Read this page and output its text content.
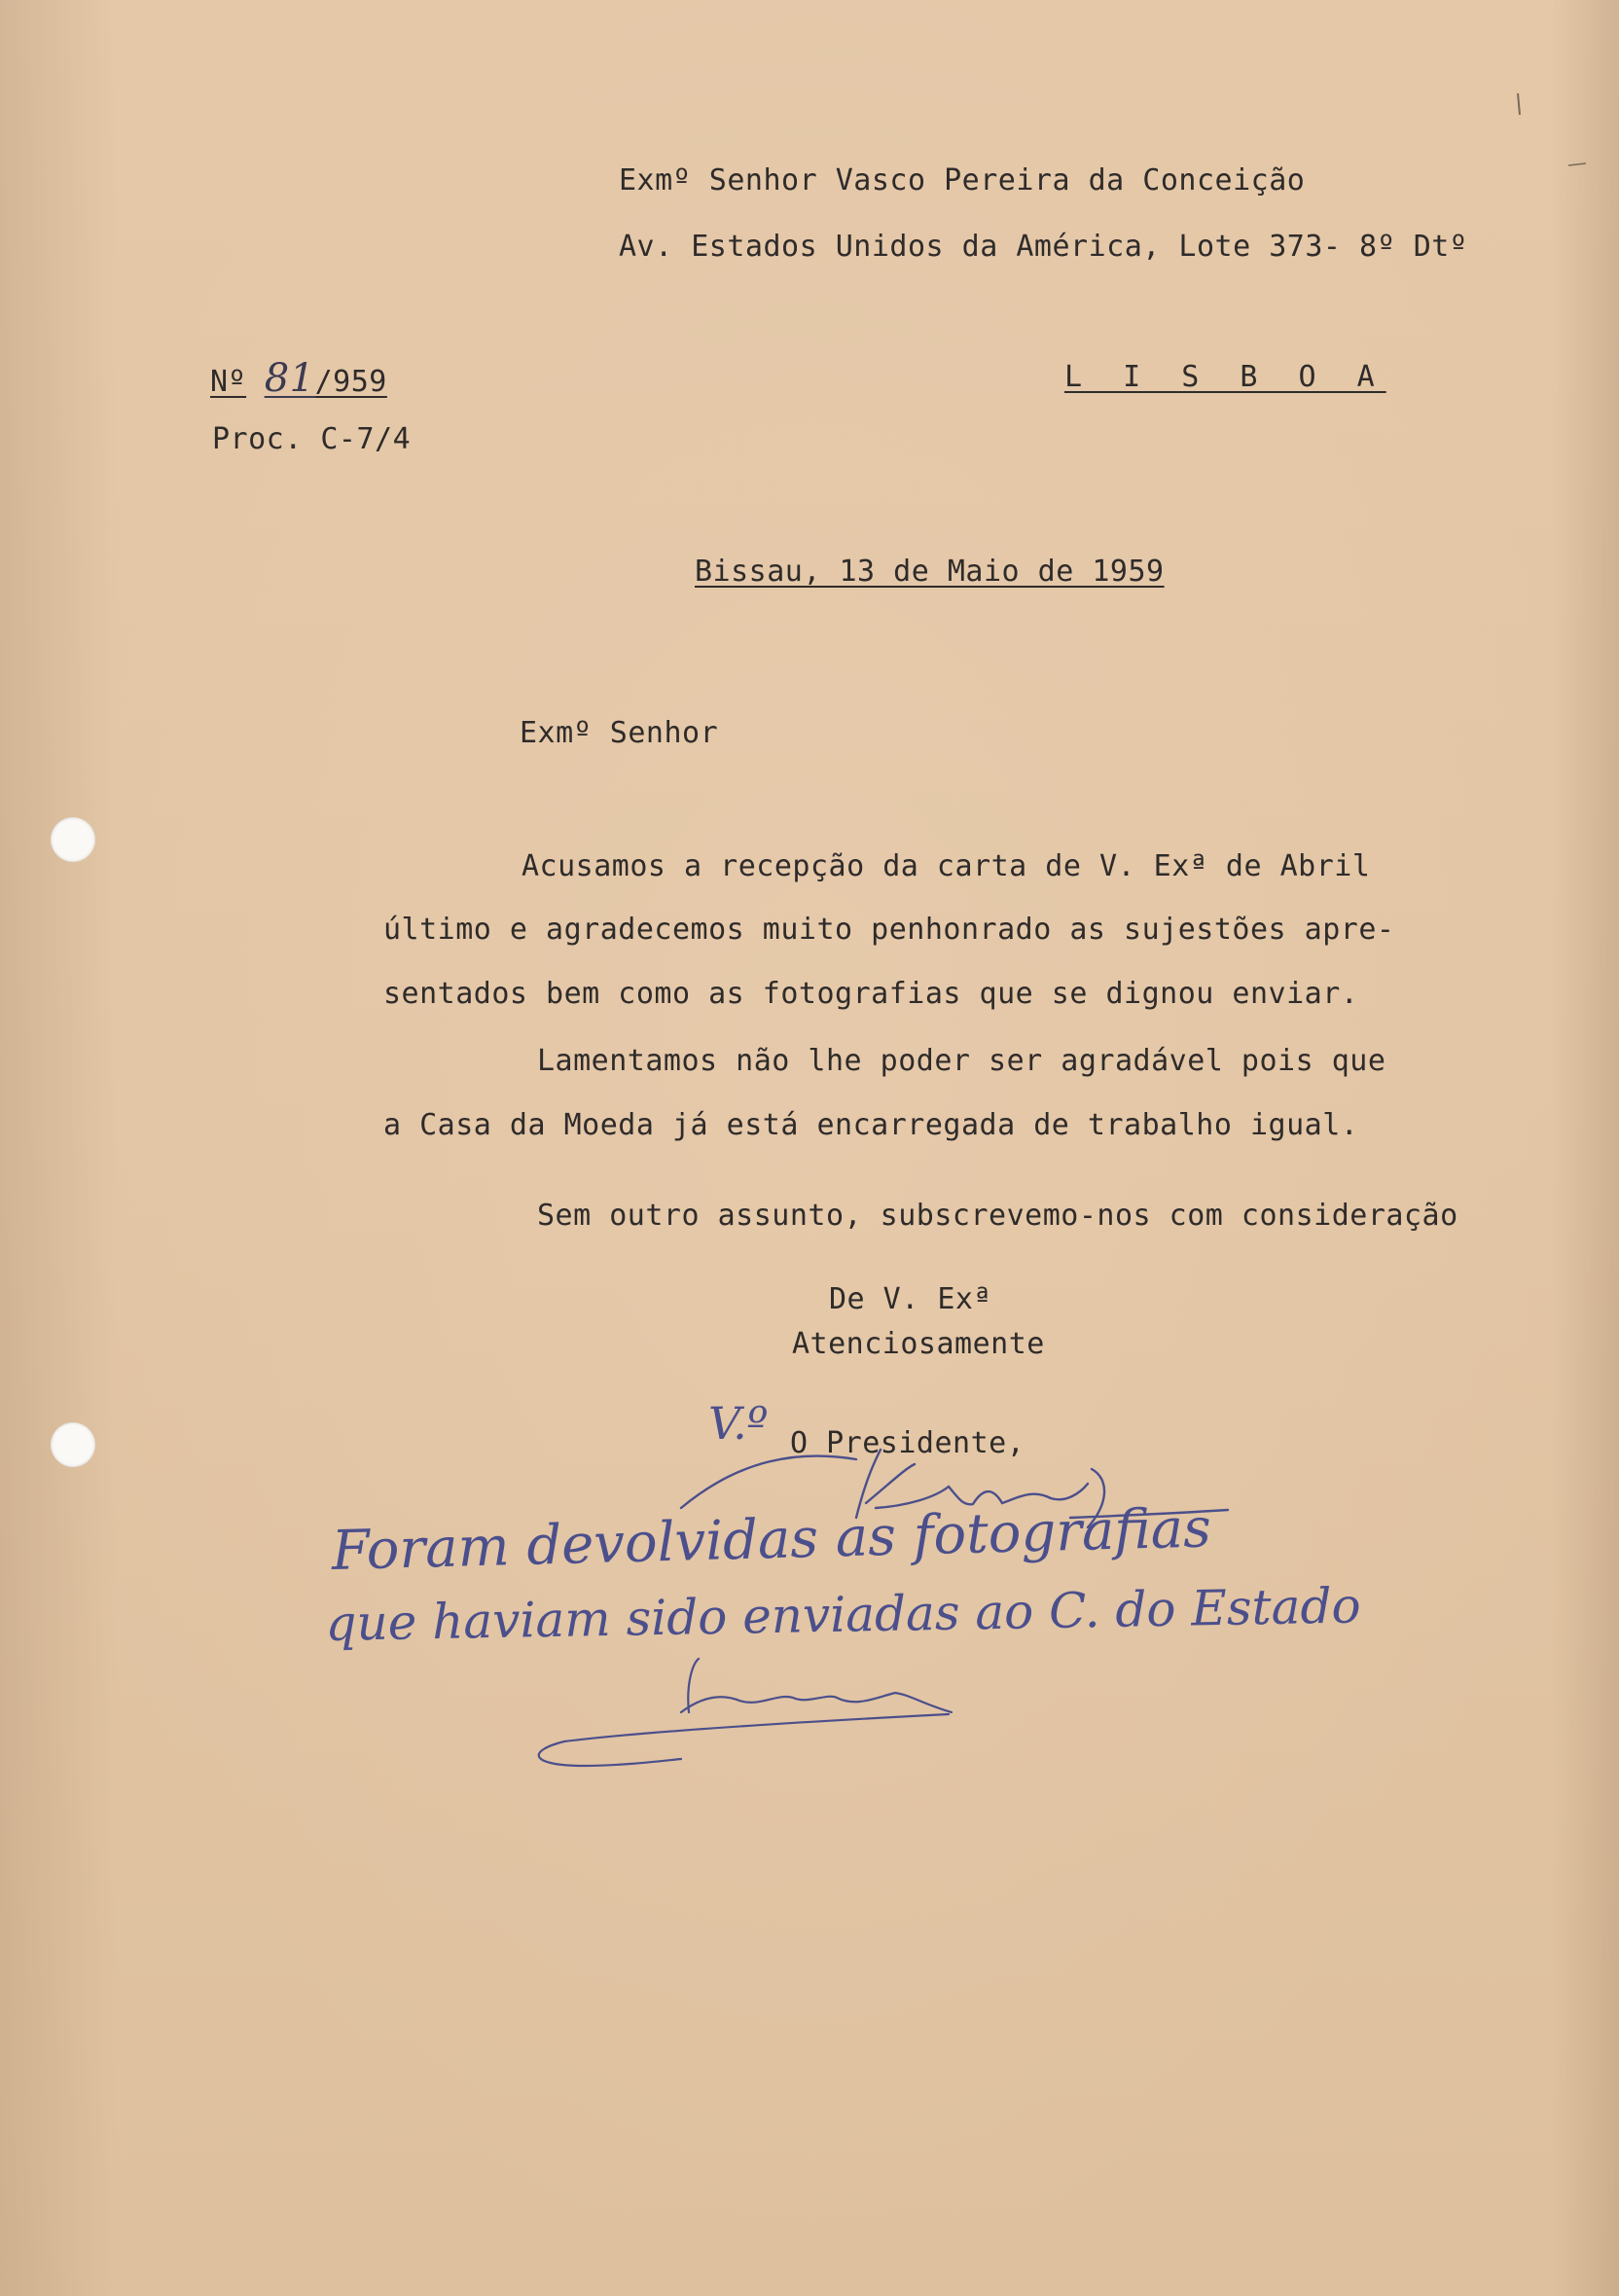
Exmº Senhor Vasco Pereira da Conceição
Av. Estados Unidos da América, Lote 373- 8º Dtº
L I S B O A
Nº 81/959
Proc. C-7/4
Bissau, 13 de Maio de 1959
Exmº Senhor
Acusamos a recepção da carta de V. Exª de Abril
último e agradecemos muito penhonrado as sujestões apre-
sentados bem como as fotografias que se dignou enviar.
Lamentamos não lhe poder ser agradável pois que
a Casa da Moeda já está encarregada de trabalho igual.
Sem outro assunto, subscrevemo-nos com consideração
De V. Exª
Atenciosamente
O Presidente,
V.º
Foram devolvidas as fotografias
que haviam sido enviadas ao C. do Estado
